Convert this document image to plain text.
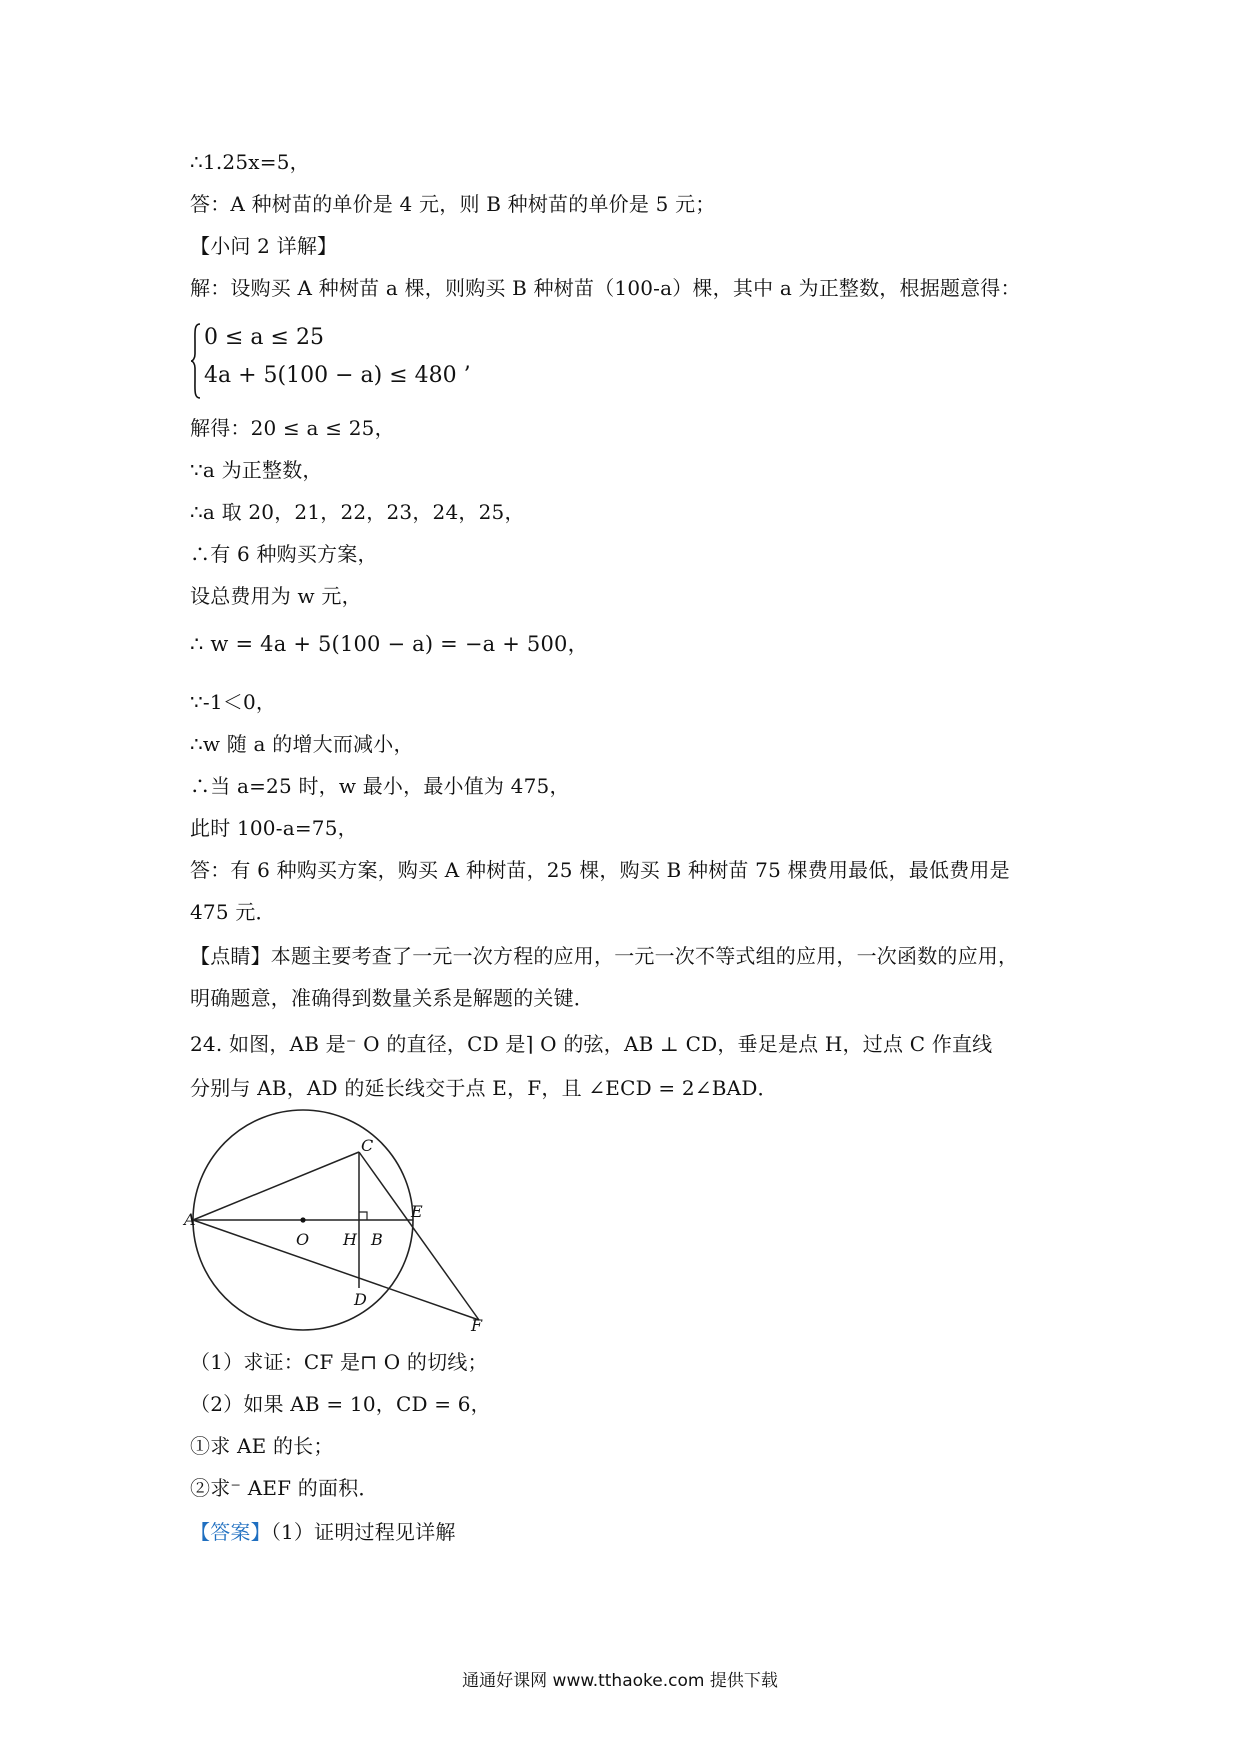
∴1.25x=5，
答：A 种树苗的单价是 4 元，则 B 种树苗的单价是 5 元；
【小问 2 详解】
解：设购买 A 种树苗 a 棵，则购买 B 种树苗（100-a）棵，其中 a 为正整数，根据题意得：
0 ≤ a ≤ 25
4a + 5(100 − a) ≤ 480 ’
解得：20 ≤ a ≤ 25，
∵a 为正整数，
∴a 取 20，21，22，23，24，25，
∴有 6 种购买方案，
设总费用为 w 元，
∴ w = 4a + 5(100 − a) = −a + 500，
∵-1＜0，
∴w 随 a 的增大而减小，
∴当 a=25 时，w 最小，最小值为 475，
此时 100-a=75，
答：有 6 种购买方案，购买 A 种树苗，25 棵，购买 B 种树苗 75 棵费用最低，最低费用是
475 元．
【点睛】本题主要考查了一元一次方程的应用，一元一次不等式组的应用，一次函数的应用，
明确题意，准确得到数量关系是解题的关键．
24. 如图，AB 是⁻ O 的直径，CD 是⌉ O 的弦，AB ⊥ CD，垂足是点 H，过点 C 作直线
分别与 AB，AD 的延长线交于点 E，F，且 ∠ECD = 2∠BAD．
A
O H B
C
E
D
F
（1）求证：CF 是⊓ O 的切线；
（2）如果 AB = 10，CD = 6，
①求 AE 的长；
②求⁻ AEF 的面积．
【答案】（1）证明过程见详解
通通好课网 www.tthaoke.com 提供下载
